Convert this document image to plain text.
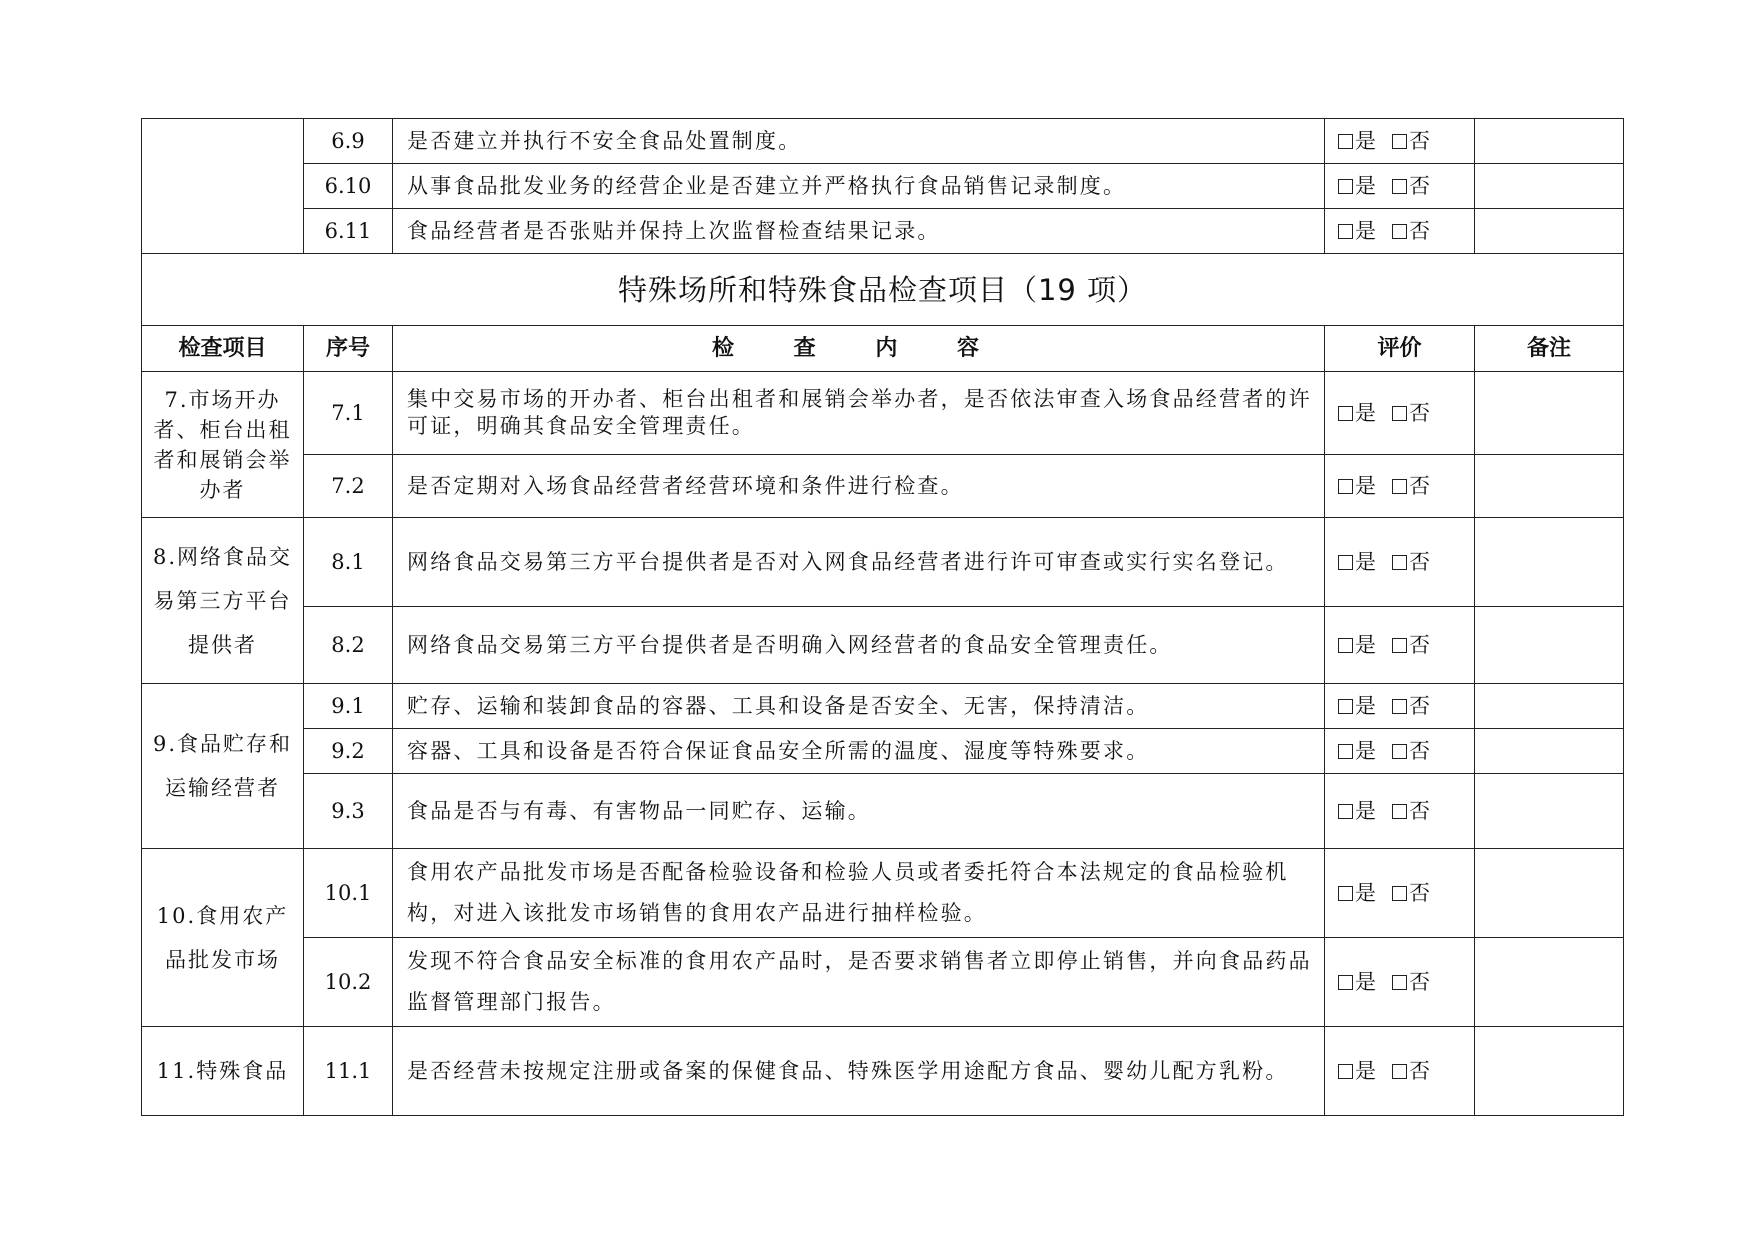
	6.9	是否建立并执行不安全食品处置制度。	是 否	
	6.10	从事食品批发业务的经营企业是否建立并严格执行食品销售记录制度。	是 否	
	6.11	食品经营者是否张贴并保持上次监督检查结果记录。	是 否	
特殊场所和特殊食品检查项目（19 项）				
检查项目	序号	检 查 内 容	评价	备注
7.市场开办者、柜台出租者和展销会举办者	7.1	集中交易市场的开办者、柜台出租者和展销会举办者，是否依法审查入场食品经营者的许可证，明确其食品安全管理责任。	是 否	
	7.2	是否定期对入场食品经营者经营环境和条件进行检查。	是 否	
8.网络食品交易第三方平台提供者	8.1	网络食品交易第三方平台提供者是否对入网食品经营者进行许可审查或实行实名登记。	是 否	
	8.2	网络食品交易第三方平台提供者是否明确入网经营者的食品安全管理责任。	是 否	
9.食品贮存和运输经营者	9.1	贮存、运输和装卸食品的容器、工具和设备是否安全、无害，保持清洁。	是 否	
	9.2	容器、工具和设备是否符合保证食品安全所需的温度、湿度等特殊要求。	是 否	
	9.3	食品是否与有毒、有害物品一同贮存、运输。	是 否	
10.食用农产品批发市场	10.1	食用农产品批发市场是否配备检验设备和检验人员或者委托符合本法规定的食品检验机构，对进入该批发市场销售的食用农产品进行抽样检验。	是 否	
	10.2	发现不符合食品安全标准的食用农产品时，是否要求销售者立即停止销售，并向食品药品监督管理部门报告。	是 否	
11.特殊食品	11.1	是否经营未按规定注册或备案的保健食品、特殊医学用途配方食品、婴幼儿配方乳粉。	是 否	
